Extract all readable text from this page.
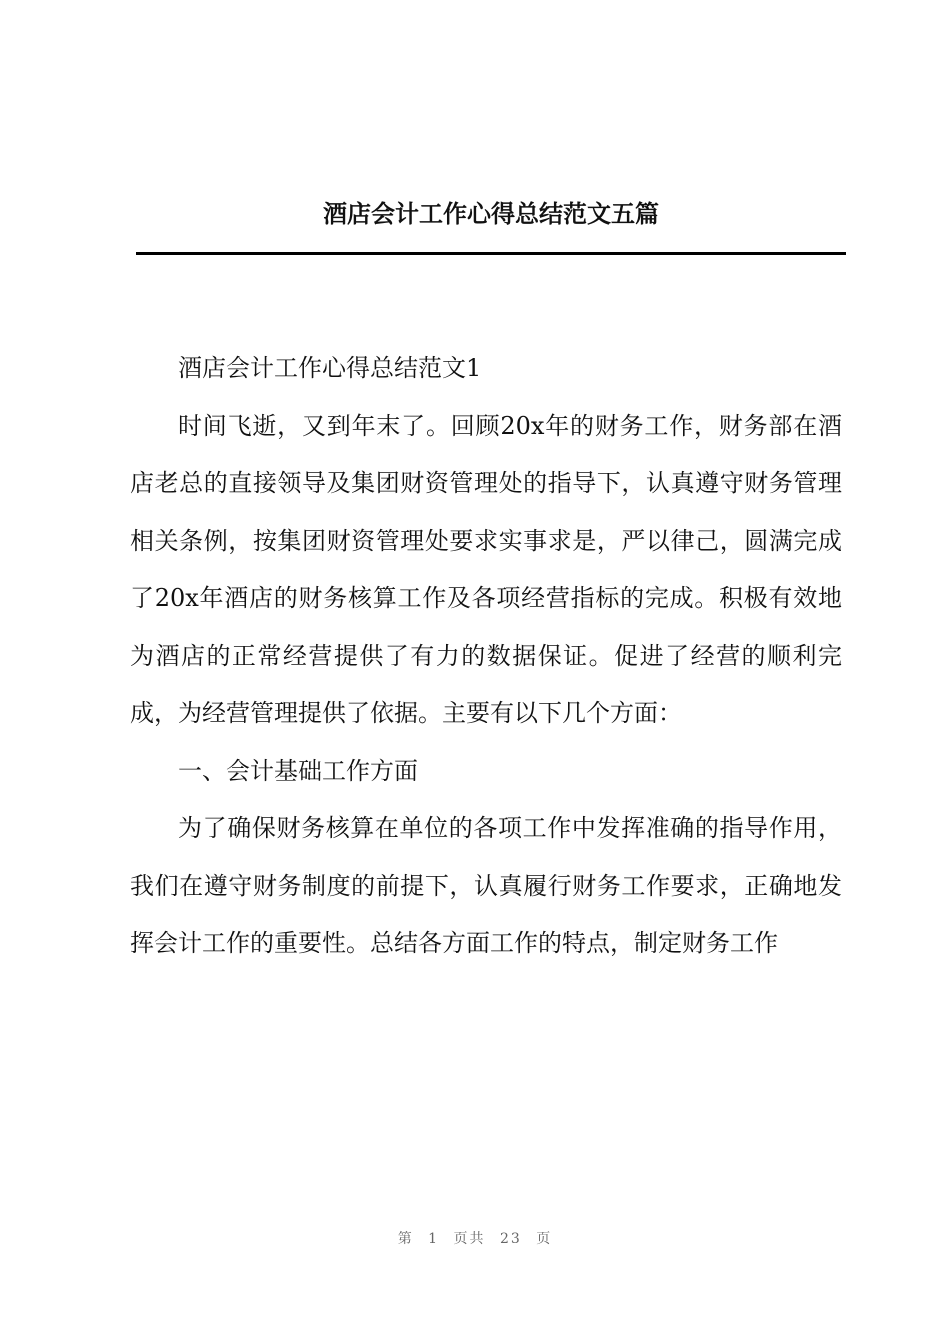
酒店会计工作心得总结范文五篇

酒店会计工作心得总结范文1

时间飞逝，又到年末了。回顾20x年的财务工作，财务部在酒店老总的直接领导及集团财资管理处的指导下，认真遵守财务管理相关条例，按集团财资管理处要求实事求是，严以律己，圆满完成了20x年酒店的财务核算工作及各项经营指标的完成。积极有效地为酒店的正常经营提供了有力的数据保证。促进了经营的顺利完成，为经营管理提供了依据。主要有以下几个方面：

一、会计基础工作方面

为了确保财务核算在单位的各项工作中发挥准确的指导作用，我们在遵守财务制度的前提下，认真履行财务工作要求，正确地发挥会计工作的重要性。总结各方面工作的特点，制定财务工作

第 1 页共 23 页
